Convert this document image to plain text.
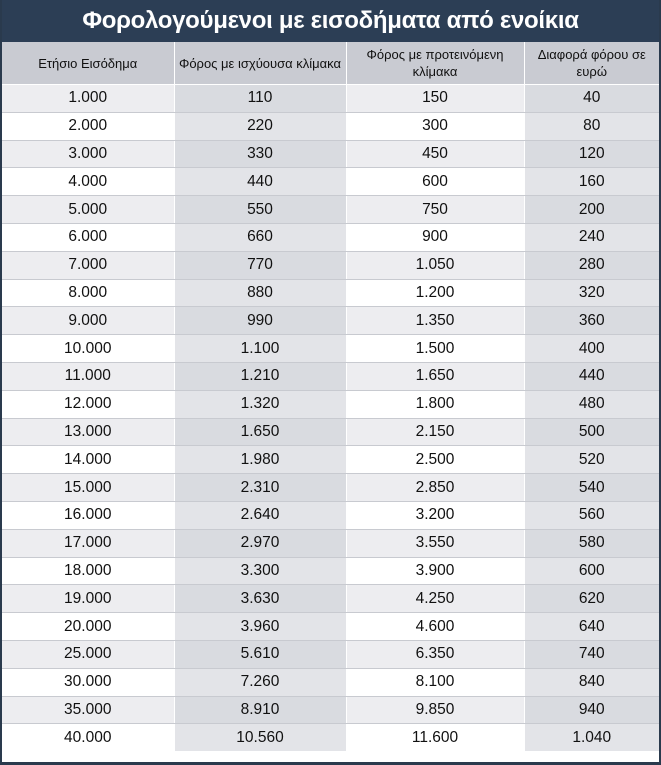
Φορολογούμενοι με εισοδήματα από ενοίκια
Ετήσιο Εισόδημα	Φόρος με ισχύουσα κλίμακα	Φόρος με προτεινόμενη κλίμακα	Διαφορά φόρου σε ευρώ
1.000	110	150	40
2.000	220	300	80
3.000	330	450	120
4.000	440	600	160
5.000	550	750	200
6.000	660	900	240
7.000	770	1.050	280
8.000	880	1.200	320
9.000	990	1.350	360
10.000	1.100	1.500	400
11.000	1.210	1.650	440
12.000	1.320	1.800	480
13.000	1.650	2.150	500
14.000	1.980	2.500	520
15.000	2.310	2.850	540
16.000	2.640	3.200	560
17.000	2.970	3.550	580
18.000	3.300	3.900	600
19.000	3.630	4.250	620
20.000	3.960	4.600	640
25.000	5.610	6.350	740
30.000	7.260	8.100	840
35.000	8.910	9.850	940
40.000	10.560	11.600	1.040
